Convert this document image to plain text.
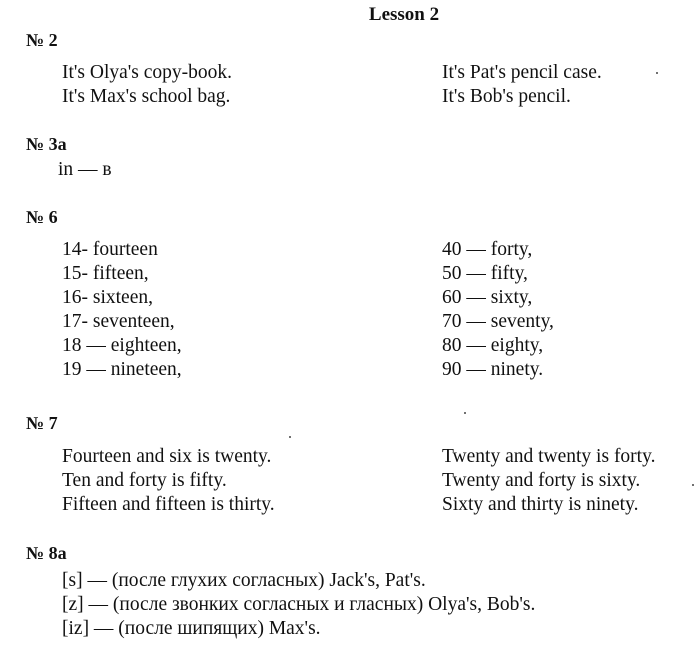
Lesson 2
№ 2
It's Olya's copy-book.
It's Max's school bag.
It's Pat's pencil case.
It's Bob's pencil.
№ 3a
in — в
№ 6
14- fourteen
15- fifteen,
16- sixteen,
17- seventeen,
18 — eighteen,
19 — nineteen,
40 — forty,
50 — fifty,
60 — sixty,
70 — seventy,
80 — eighty,
90 — ninety.
№ 7
Fourteen and six is twenty.
Ten and forty is fifty.
Fifteen and fifteen is thirty.
Twenty and twenty is forty.
Twenty and forty is sixty.
Sixty and thirty is ninety.
№ 8a
[s] — (после глухих согласных) Jack's, Pat's.
[z] — (после звонких согласных и гласных) Olya's, Bob's.
[iz] — (после шипящих) Max's.
